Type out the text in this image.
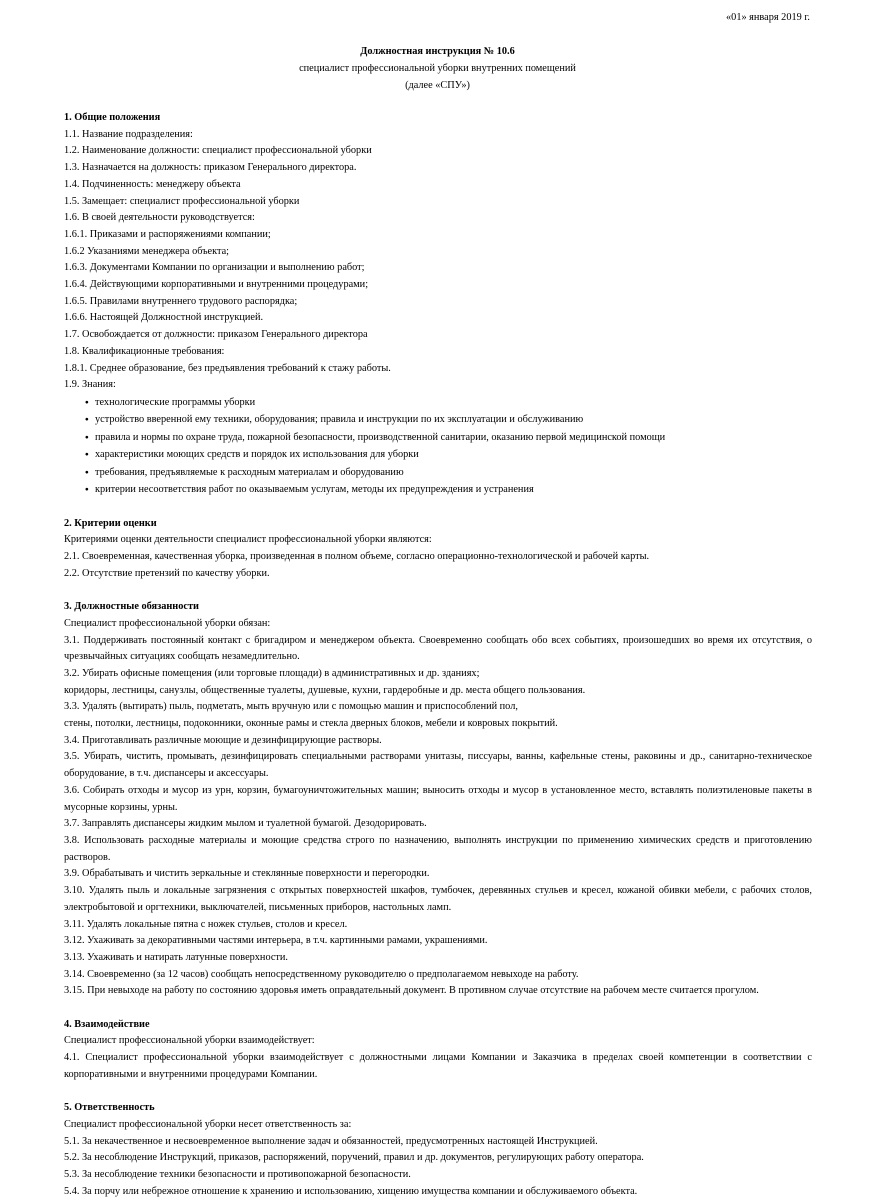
«01» января 2019 г.
Должностная инструкция № 10.6
специалист профессиональной уборки внутренних помещений
(далее «СПУ»)

1. Общие положения

1.1. Название подразделения:

1.2. Наименование должности: специалист профессиональной уборки

1.3. Назначается на должность: приказом Генерального директора.

1.4. Подчиненность: менеджеру объекта

1.5. Замещает: специалист профессиональной уборки

1.6. В своей деятельности руководствуется:

1.6.1. Приказами и распоряжениями компании;

1.6.2 Указаниями менеджера объекта;

1.6.3. Документами Компании по организации и выполнению работ;

1.6.4. Действующими корпоративными и внутренними процедурами;

1.6.5. Правилами внутреннего трудового распорядка;

1.6.6. Настоящей Должностной инструкцией.

1.7. Освобождается от должности: приказом Генерального директора

1.8. Квалификационные требования:

1.8.1. Среднее образование, без предъявления требований к стажу работы.

1.9. Знания:

● технологические программы уборки
● устройство вверенной ему техники, оборудования; правила и инструкции по их эксплуатации и обслуживанию
● правила и нормы по охране труда, пожарной безопасности, производственной санитарии, оказанию первой медицинской помощи
● характеристики моющих средств и порядок их использования для уборки
● требования, предъявляемые к расходным материалам и оборудованию
● критерии несоответствия работ по оказываемым услугам, методы их предупреждения и устранения

2. Критерии оценки

Критериями оценки деятельности специалист профессиональной уборки являются:

2.1. Своевременная, качественная уборка, произведенная в полном объеме, согласно операционно-технологической и рабочей карты.

2.2. Отсутствие претензий по качеству уборки.

3. Должностные обязанности

Специалист профессиональной уборки обязан:

3.1. Поддерживать постоянный контакт с бригадиром и менеджером объекта. Своевременно сообщать обо всех событиях, произошедших во время их отсутствия, о чрезвычайных ситуациях сообщать незамедлительно.

3.2. Убирать офисные помещения (или торговые площади) в административных и др. зданиях;

коридоры, лестницы, санузлы, общественные туалеты, душевые, кухни, гардеробные и др. места общего пользования.

3.3. Удалять (вытирать) пыль, подметать, мыть вручную или с помощью машин и приспособлений пол,

стены, потолки, лестницы, подоконники, оконные рамы и стекла дверных блоков, мебели и ковровых покрытий.

3.4. Приготавливать различные моющие и дезинфицирующие растворы.

3.5. Убирать, чистить, промывать, дезинфицировать специальными растворами унитазы, писсуары, ванны, кафельные стены, раковины и др., санитарно-техническое оборудование, в т.ч. диспансеры и аксессуары.

3.6. Собирать отходы и мусор из урн, корзин, бумагоуничтожительных машин; выносить отходы и мусор в установленное место, вставлять полиэтиленовые пакеты в мусорные корзины, урны.

3.7. Заправлять диспансеры жидким мылом и туалетной бумагой. Дезодорировать.

3.8. Использовать расходные материалы и моющие средства строго по назначению, выполнять инструкции по применению химических средств и приготовлению растворов.

3.9. Обрабатывать и чистить зеркальные и стеклянные поверхности и перегородки.

3.10. Удалять пыль и локальные загрязнения с открытых поверхностей шкафов, тумбочек, деревянных стульев и кресел, кожаной обивки мебели, с рабочих столов, электробытовой и оргтехники, выключателей, письменных приборов, настольных ламп.

3.11. Удалять локальные пятна с ножек стульев, столов и кресел.

3.12. Ухаживать за декоративными частями интерьера, в т.ч. картинными рамами, украшениями.

3.13. Ухаживать и натирать латунные поверхности.

3.14. Своевременно (за 12 часов) сообщать непосредственному руководителю о предполагаемом невыходе на работу.

3.15. При невыходе на работу по состоянию здоровья иметь оправдательный документ. В противном случае отсутствие на рабочем месте считается прогулом.

4. Взаимодействие

Специалист профессиональной уборки взаимодействует:

4.1. Специалист профессиональной уборки взаимодействует с должностными лицами Компании и Заказчика в пределах своей компетенции в соответствии с корпоративными и внутренними процедурами Компании.

5. Ответственность

Специалист профессиональной уборки несет ответственность за:

5.1. За некачественное и несвоевременное выполнение задач и обязанностей, предусмотренных настоящей Инструкцией.

5.2. За несоблюдение Инструкций, приказов, распоряжений, поручений, правил и др. документов, регулирующих работу оператора.

5.3. За несоблюдение техники безопасности и противопожарной безопасности.

5.4. За порчу или небрежное отношение к хранению и использованию, хищению имущества компании и обслуживаемого объекта.
